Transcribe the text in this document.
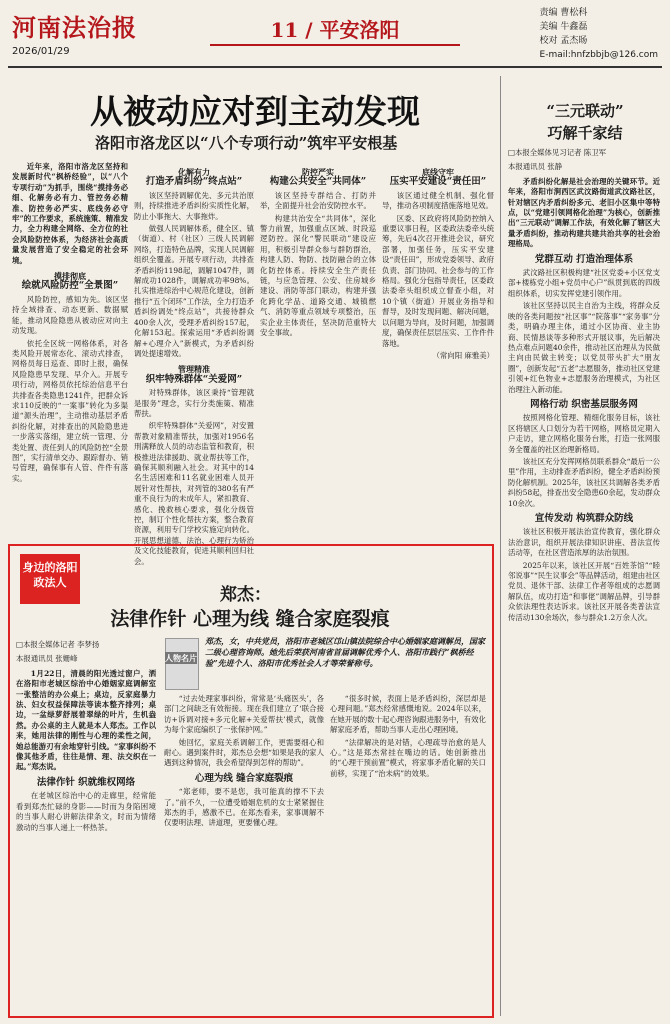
河南法治报
2026/01/29
11 / 平安洛阳
责编 曹松科
美编 牛鑫磊
校对 孟杰旸
E-mail:hnfzbbjb@126.com
从被动应对到主动发现
洛阳市洛龙区以“八个专项行动”筑牢平安根基

近年来，洛阳市洛龙区坚持和发展新时代“枫桥经验”，以“八个专项行动”为抓手，围绕“摸排务必细、化解务必有力、管控务必精准、防控务必严实、底线务必守牢”的工作要求，系统施策、精准发力，全力构建全网络、全方位的社会风险防控体系，为经济社会高质量发展营造了安全稳定的社会环境。

摸排彻底
绘就风险防控“全景图”

风险防控，感知为先。该区坚持全域排查、动态更新、数据赋能，推动风险隐患从被动应对向主动发现。

依托全区统一网格体系，对各类风险开展常态化、滚动式排查，网格员每日巡查、即时上报，确保风险隐患早发现、早介入。开展专项行动，网格员依托综治信息平台共排查各类隐患1241件，把群众诉求110反映的“一案事”转化为多渠道“源头治理”，主动推动基层矛盾纠纷化解，对排查出的风险隐患进一步落实落细，建立统一管理、分类处置、责任到人的风险防控“全景图”，实行清单交办、跟踪督办、销号管理，确保事有人管、件件有落实。

化解有力
打造矛盾纠纷“终点站”

该区坚持调解优先、多元共治原则，持续推进矛盾纠纷实质性化解，防止小事拖大、大事拖炸。

做强人民调解体系，健全区、镇（街道）、村（社区）三级人民调解网络，打造特色品牌，实现人民调解组织全覆盖。开展专项行动，共排查矛盾纠纷1198起，调解1047件，调解成功1028件，调解成功率98%。扎实推进综治中心规范化建设，创新推行“五个闭环”工作法，全力打造矛盾纠纷调处“终点站”，共接待群众400余人次，受理矛盾纠纷157起，化解153起。探索运用“矛盾纠纷调解+心理介入”新模式，为矛盾纠纷调处提速增效。

管理精准
织牢特殊群体“关爱网”

对特殊群体，该区秉持“管理就是服务”理念，实行分类施策、精准帮扶。

织牢特殊群体“关爱网”，对安置帮教对象精准帮扶，加强对1956名刑满释放人员的动态监管和教育，积极推进法律援助、就业帮扶等工作，确保其顺利融入社会。对其中的14名生活困难和11名就业困难人员开展针对性帮扶，对列管的380名有严重不良行为的未成年人，紧扣教育、感化、挽救核心要求，强化分级管控，制订个性化帮扶方案，整合教育资源，利用专门学校实施定向转化。开展思想道德、法治、心理行为矫治及文化技能教育，促进其顺利回归社会。

防控严实
构建公共安全“共同体”

该区坚持专群结合、打防并举，全面提升社会治安防控水平。

构建共治安全“共同体”，深化警力前置，加强重点区域、时段巡逻防控。深化“警民联动”建设应用，积极引导群众参与群防群治，构建人防、物防、技防融合的立体化防控体系。持续安全生产责任链，与应急管理、公安、住房城乡建设、消防等部门联动，构建并强化跨化学品、道路交通、城镇燃气、消防等重点领域专项整治，压实企业主体责任，坚决防范重特大安全事故。

底线守牢
压实平安建设“责任田”

该区通过健全机制、强化督导，推动各项制度措施落地见效。

区委、区政府将风险防控纳入重要议事日程，区委政法委牵头统筹，先后4次召开推进会议，研究部署，加强任务，压实平安建设“责任田”，形成党委领导、政府负责、部门协同、社会参与的工作格局。强化分包指导责任，区委政法委牵头组织成立督查小组，对10个镇（街道）开展业务指导和督导，及时发现问题、解决问题，以问题为导向，及时问题，加强调度，确保责任层层压实、工作件件落地。

（常向阳 麻雅美）

“三元联动”
巧解千家结

□本报全媒体见习记者 陈卫军

本报通讯员 张静

矛盾纠纷化解是社会治理的关键环节。近年来，洛阳市涧西区武汶路街道武汶路社区，针对辖区内矛盾纠纷多元、老旧小区集中等特点，以“党建引领网格化治理”为核心，创新推出“三元联动”调解工作法，有效化解了辖区大量矛盾纠纷，推动构建共建共治共享的社会治理格局。

党群互动 打造治理体系

武汶路社区积极构建“社区党委+小区党支部+楼栋党小组+党员中心户”纵贯到底的四级组织体系，切实发挥党建引领作用。

该社区坚持以民主自治为主线，将群众反映的各类问题按“社区事”“院落事”“家务事”分类，明确办理主体，通过小区协商、业主协商、民情恳谈等多种形式开展议事，先后解决热点难点问题40余件，推动社区治理从为民做主向由民做主转变；以党员带头扩大“朋友圈”，创新发起“五老”志愿服务，推动社区党建引领+红色物业+志愿服务治理模式，为社区治理注入新动能。

网格行动 织密基层服务网

按照网格化管理、精细化服务目标，该社区将辖区人口划分为若干网格，网格员定期入户走访，建立网格化服务台账，打造一张网服务全覆盖的社区治理新格局。

该社区充分发挥网格员联系群众“最后一公里”作用，主动排查矛盾纠纷，健全矛盾纠纷预防化解机制。2025年，该社区共调解各类矛盾纠纷58起，排查出安全隐患60余起，发动群众10余次。

宣传发动 构筑群众防线

该社区积极开展法治宣传教育，强化群众法治意识，组织开展法律知识讲座、普法宣传活动等，在社区营造浓厚的法治氛围。

2025年以来，该社区开展“百姓茶馆”“睦邻说事”“民生议事会”等品牌活动，组建由社区党员、退休干部、法律工作者等组成的志愿调解队伍，成功打造“和事佬”调解品牌，引导群众依法理性表达诉求。该社区开展各类普法宣传活动130余场次，参与群众1.2万余人次。

身边的洛阳政法人
郑杰：
法律作针 心理为线 缝合家庭裂痕
人物名片
郑杰，女，中共党员，洛阳市老城区邙山镇法院综合中心婚姻家庭调解员，国家二级心理咨询师。她先后荣获河南省首届调解优秀个人、洛阳市践行“枫桥经验”先进个人、洛阳市优秀社会人才等荣誉称号。

□本报全媒体记者 李梦扬

本报通讯员 张姗峰

1月22日，清晨的阳光透过窗户，洒在洛阳市老城区综治中心婚姻家庭调解室一张整洁的办公桌上；桌边，反家庭暴力法、妇女权益保障法等读本整齐排列；桌边，一盆绿萝舒展着翠绿的叶片，生机盎然。办公桌的主人就是本人郑杰。工作以来，她用法律的刚性与心理的柔性之间，她总能游刃有余地穿针引线。“家事纠纷不像其他矛盾，往往是情、理、法交织在一起。”郑杰说。

法律作针 织就维权网络

在老城区综治中心的走廊里，经常能看到郑杰忙碌的身影——时而为身陷困境的当事人耐心讲解法律条文，时而为情绪激动的当事人递上一杯热茶。

“过去处理家事纠纷，常常是‘头痛医头’，各部门之间缺乏有效衔接。现在我们建立了‘联合接访+诉调对接+多元化解+关爱帮扶’模式，就像为每个家庭编织了一张保护网。”

她回忆，家庭关系调解工作，更需要细心和耐心。遇到案件时，郑杰总会想“如果是我的家人遇到这种情况，我会希望得到怎样的帮助”。

心理为线 缝合家庭裂痕

“郑老师，要不是您，我可能真的撑不下去了。”前不久，一位遭受婚姻危机的女士紧紧握住郑杰的手，感激不已。在郑杰看来，家事调解不仅要明法理、讲道理，更要懂心理。

“很多时候，表面上是矛盾纠纷，深层却是心理问题。”郑杰经常感慨地说。2024年以来，在她开展的数十起心理咨询跟进服务中，有效化解家庭矛盾，帮助当事人走出心理困境。

“法律解决的是对错，心理疏导治愈的是人心。”这是郑杰常挂在嘴边的话。她创新推出的“心理干预前置”模式，将家事矛盾化解的关口前移，实现了“治未病”的效果。
